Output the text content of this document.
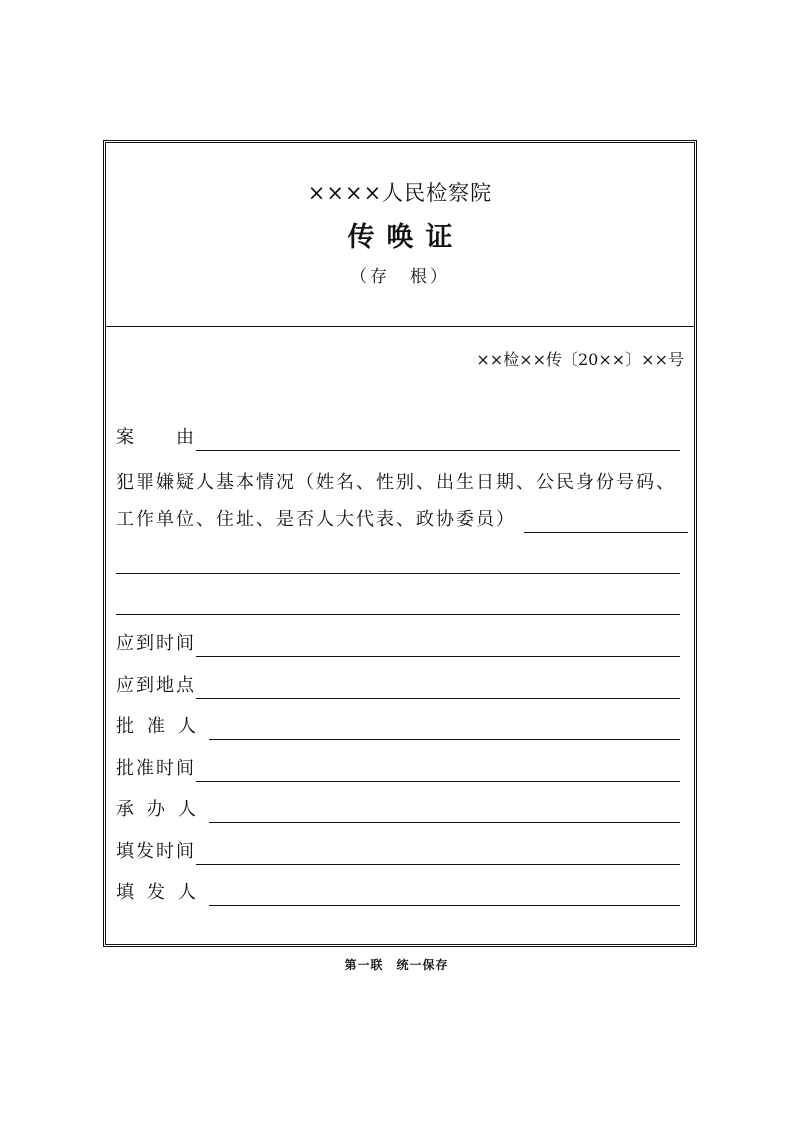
××××人民检察院
传唤证
（存　根）
××检××传〔20××〕××号
案　　由
犯罪嫌疑人基本情况（姓名、性别、出生日期、公民身份号码、
工作单位、住址、是否人大代表、政协委员）
应到时间
应到地点
批准人
批准时间
承办人
填发时间
填发人
第一联　统一保存
